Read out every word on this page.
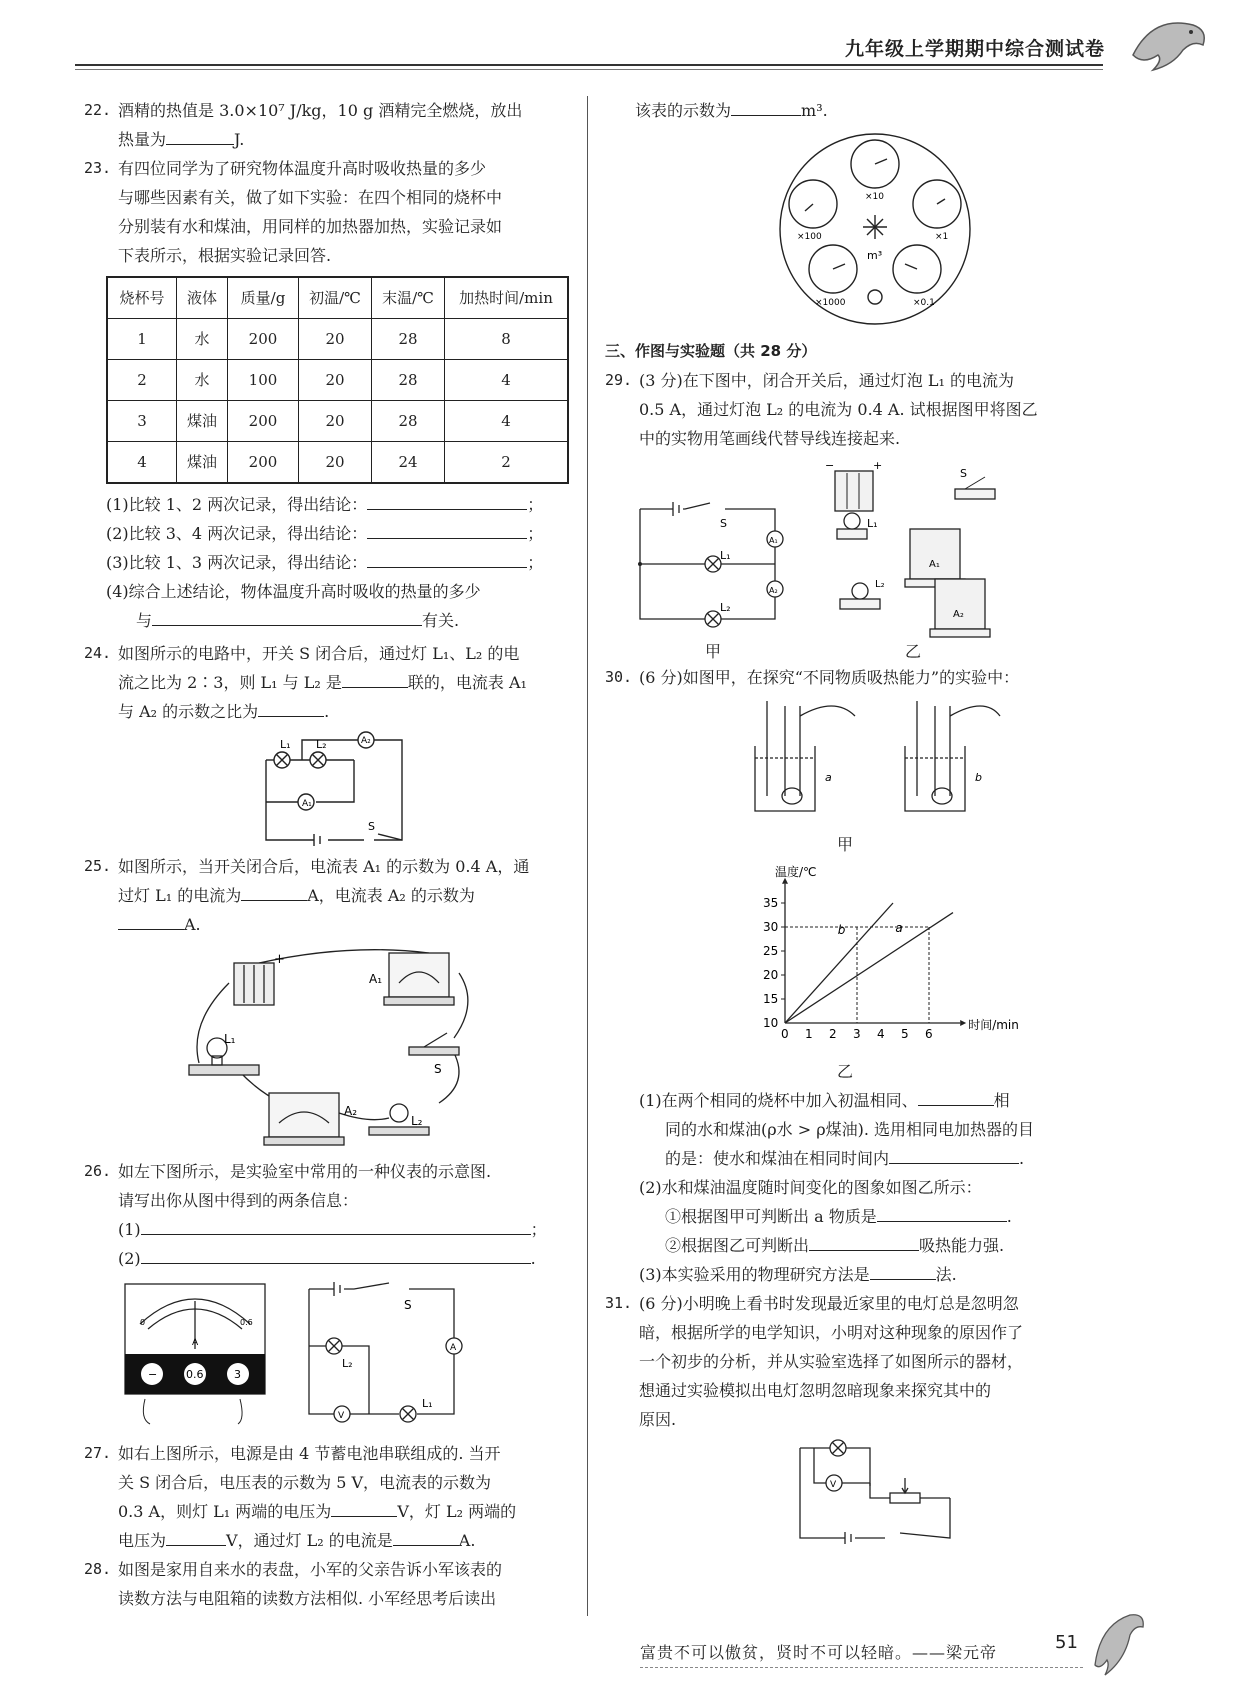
九年级上学期期中综合测试卷
22. 酒精的热值是 3.0×10⁷ J/kg，10 g 酒精完全燃烧，放出
热量为	J.
23. 有四位同学为了研究物体温度升高时吸收热量的多少
与哪些因素有关，做了如下实验：在四个相同的烧杯中
分别装有水和煤油，用同样的加热器加热，实验记录如
下表所示，根据实验记录回答.
烧杯号	液体	质量/g	初温/℃	末温/℃	加热时间/min
1	水	200	20	28	8
2	水	100	20	28	4
3	煤油	200	20	28	4
4	煤油	200	20	24	2
(1)比较 1、2 两次记录，得出结论：	；
(2)比较 3、4 两次记录，得出结论：	；
(3)比较 1、3 两次记录，得出结论：	；
(4)综合上述结论，物体温度升高时吸收的热量的多少
与	有关.
24. 如图所示的电路中，开关 S 闭合后，通过灯 L₁、L₂ 的电
流之比为 2∶3，则 L₁ 与 L₂ 是	联的，电流表 A₁
与 A₂ 的示数之比为	.
L₁ L₂
A₁
A₂
S
25. 如图所示，当开关闭合后，电流表 A₁ 的示数为 0.4 A，通
过灯 L₁ 的电流为	A，电流表 A₂ 的示数为
A.
+
A₁
L₁
A₂
S
L₂
26. 如左下图所示，是实验室中常用的一种仪表的示意图.
请写出你从图中得到的两条信息：
(1)	；
(2)	.
−	0.6	3
0	0.6
A
S
A
V
L₂
L₁
27. 如右上图所示，电源是由 4 节蓄电池串联组成的. 当开
关 S 闭合后，电压表的示数为 5 V，电流表的示数为
0.3 A，则灯 L₁ 两端的电压为	V，灯 L₂ 两端的
电压为	V，通过灯 L₂ 的电流是	A.
28. 如图是家用自来水的表盘，小军的父亲告诉小军该表的
读数方法与电阻箱的读数方法相似. 小军经思考后读出
该表的示数为	m³.
×10
×100	×1
×1000	×0.1
m³
三、作图与实验题（共 28 分）
29. (3 分)在下图中，闭合开关后，通过灯泡 L₁ 的电流为
0.5 A，通过灯泡 L₂ 的电流为 0.4 A. 试根据图甲将图乙
中的实物用笔画线代替导线连接起来.
S
L₁
L₂
A₁
A₂
甲
+
−
S
L₁
A₁
L₂
A₂
乙
30. (6 分)如图甲，在探究“不同物质吸热能力”的实验中：
a	b
甲
0 1 2 3 4 5 6
10
15
20
25
30
35
温度/℃
时间/min
a
b
乙
(1)在两个相同的烧杯中加入初温相同、	相
同的水和煤油(ρ水 > ρ煤油). 选用相同电加热器的目
的是：使水和煤油在相同时间内	.
(2)水和煤油温度随时间变化的图象如图乙所示：
①根据图甲可判断出 a 物质是	.
②根据图乙可判断出	吸热能力强.
(3)本实验采用的物理研究方法是	法.
31. (6 分)小明晚上看书时发现最近家里的电灯总是忽明忽
暗，根据所学的电学知识，小明对这种现象的原因作了
一个初步的分析，并从实验室选择了如图所示的器材，
想通过实验模拟出电灯忽明忽暗现象来探究其中的
原因.
V
富贵不可以傲贫，贤时不可以轻暗。——梁元帝	51
